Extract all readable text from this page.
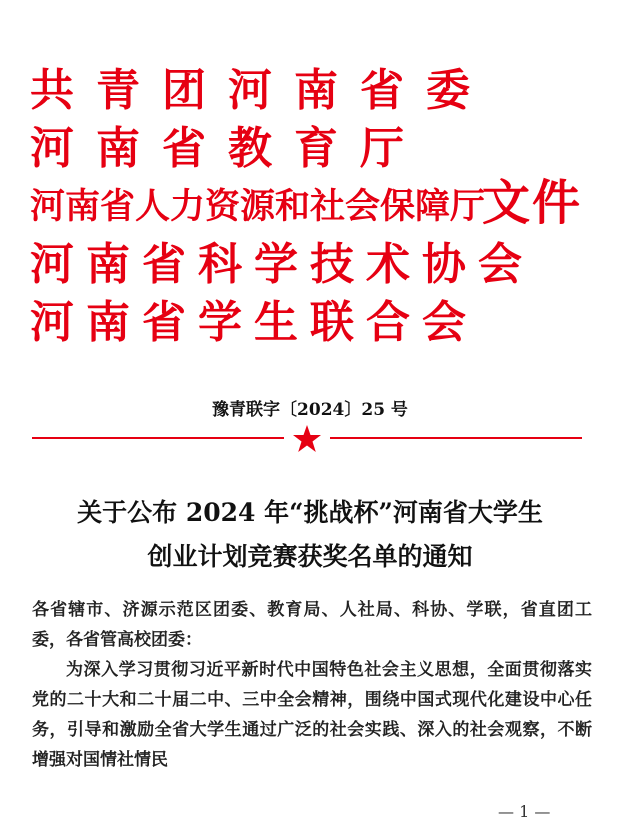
共青团河南省委
河南省教育厅
河南省人力资源和社会保障厅
河南省科学技术协会
河南省学生联合会
文件
豫青联字〔2024〕25 号
关于公布 2024 年“挑战杯”河南省大学生
创业计划竞赛获奖名单的通知

各省辖市、济源示范区团委、教育局、人社局、科协、学联，省直团工委，各省管高校团委：

为深入学习贯彻习近平新时代中国特色社会主义思想，全面贯彻落实党的二十大和二十届二中、三中全会精神，围绕中国式现代化建设中心任务，引导和激励全省大学生通过广泛的社会实践、深入的社会观察，不断增强对国情社情民

— 1 —
